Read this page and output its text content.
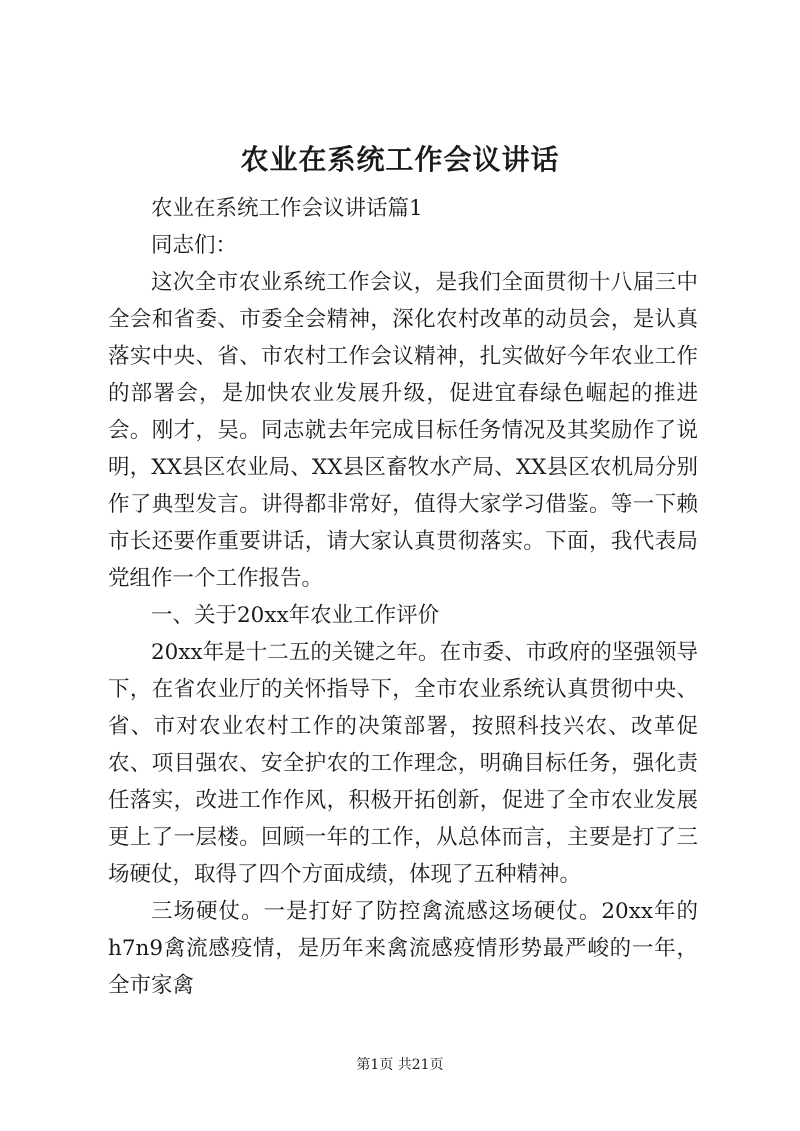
农业在系统工作会议讲话

农业在系统工作会议讲话篇1

同志们：

这次全市农业系统工作会议，是我们全面贯彻十八届三中全会和省委、市委全会精神，深化农村改革的动员会，是认真落实中央、省、市农村工作会议精神，扎实做好今年农业工作的部署会，是加快农业发展升级，促进宜春绿色崛起的推进会。刚才，吴。同志就去年完成目标任务情况及其奖励作了说明，XX县区农业局、XX县区畜牧水产局、XX县区农机局分别作了典型发言。讲得都非常好，值得大家学习借鉴。等一下赖市长还要作重要讲话，请大家认真贯彻落实。下面，我代表局党组作一个工作报告。

一、关于20xx年农业工作评价

20xx年是十二五的关键之年。在市委、市政府的坚强领导下，在省农业厅的关怀指导下，全市农业系统认真贯彻中央、省、市对农业农村工作的决策部署，按照科技兴农、改革促农、项目强农、安全护农的工作理念，明确目标任务，强化责任落实，改进工作作风，积极开拓创新，促进了全市农业发展更上了一层楼。回顾一年的工作，从总体而言，主要是打了三场硬仗，取得了四个方面成绩，体现了五种精神。

三场硬仗。一是打好了防控禽流感这场硬仗。20xx年的h7n9禽流感疫情，是历年来禽流感疫情形势最严峻的一年，全市家禽

第1页 共21页
